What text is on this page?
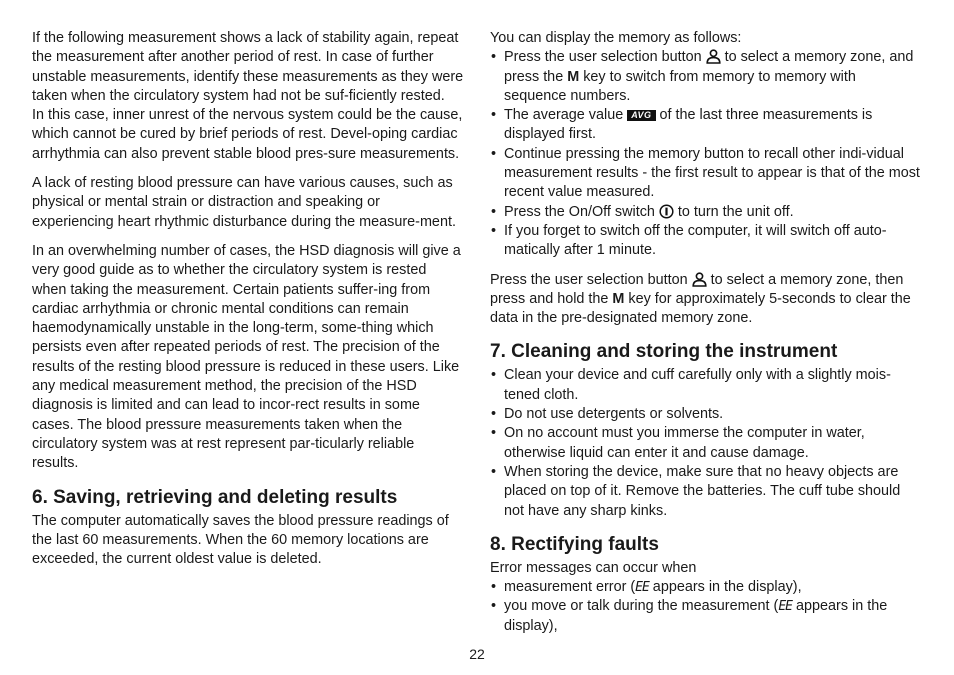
If the following measurement shows a lack of stability again, repeat the measurement after another period of rest. In case of further unstable measurements, identify these measurements as they were taken when the circulatory system had not be suf-ficiently rested.

In this case, inner unrest of the nervous system could be the cause, which cannot be cured by brief periods of rest. Devel-oping cardiac arrhythmia can also prevent stable blood pres-sure measurements.

A lack of resting blood pressure can have various causes, such as physical or mental strain or distraction and speaking or experiencing heart rhythmic disturbance during the measure-ment.

In an overwhelming number of cases, the HSD diagnosis will give a very good guide as to whether the circulatory system is rested when taking the measurement. Certain patients suffer-ing from cardiac arrhythmia or chronic mental conditions can remain haemodynamically unstable in the long-term, some-thing which persists even after repeated periods of rest. The precision of the results of the resting blood pressure is reduced in these users. Like any medical measurement method, the precision of the HSD diagnosis is limited and can lead to incor-rect results in some cases. The blood pressure measurements taken when the circulatory system was at rest represent par-ticularly reliable results.

6. Saving, retrieving and deleting results

The computer automatically saves the blood pressure readings of the last 60 measurements. When the 60 memory locations are exceeded, the current oldest value is deleted.

You can display the memory as follows:

• Press the user selection button  to select a memory zone, and press the M key to switch from memory to memory with sequence numbers.
• The average value AVG of the last three measurements is displayed first.
• Continue pressing the memory button to recall other indi-vidual measurement results - the first result to appear is that of the most recent value measured.
• Press the On/Off switch  to turn the unit off.
• If you forget to switch off the computer, it will switch off auto-matically after 1 minute.

Press the user selection button  to select a memory zone, then press and hold the M key for approximately 5-seconds to clear the data in the pre-designated memory zone.

7. Cleaning and storing the instrument
• Clean your device and cuff carefully only with a slightly mois-tened cloth.
• Do not use detergents or solvents.
• On no account must you immerse the computer in water, otherwise liquid can enter it and cause damage.
• When storing the device, make sure that no heavy objects are placed on top of it. Remove the batteries. The cuff tube should not have any sharp kinks.
8. Rectifying faults

Error messages can occur when

• measurement error (EE appears in the display),
• you move or talk during the measurement (EE appears in the display),
22
